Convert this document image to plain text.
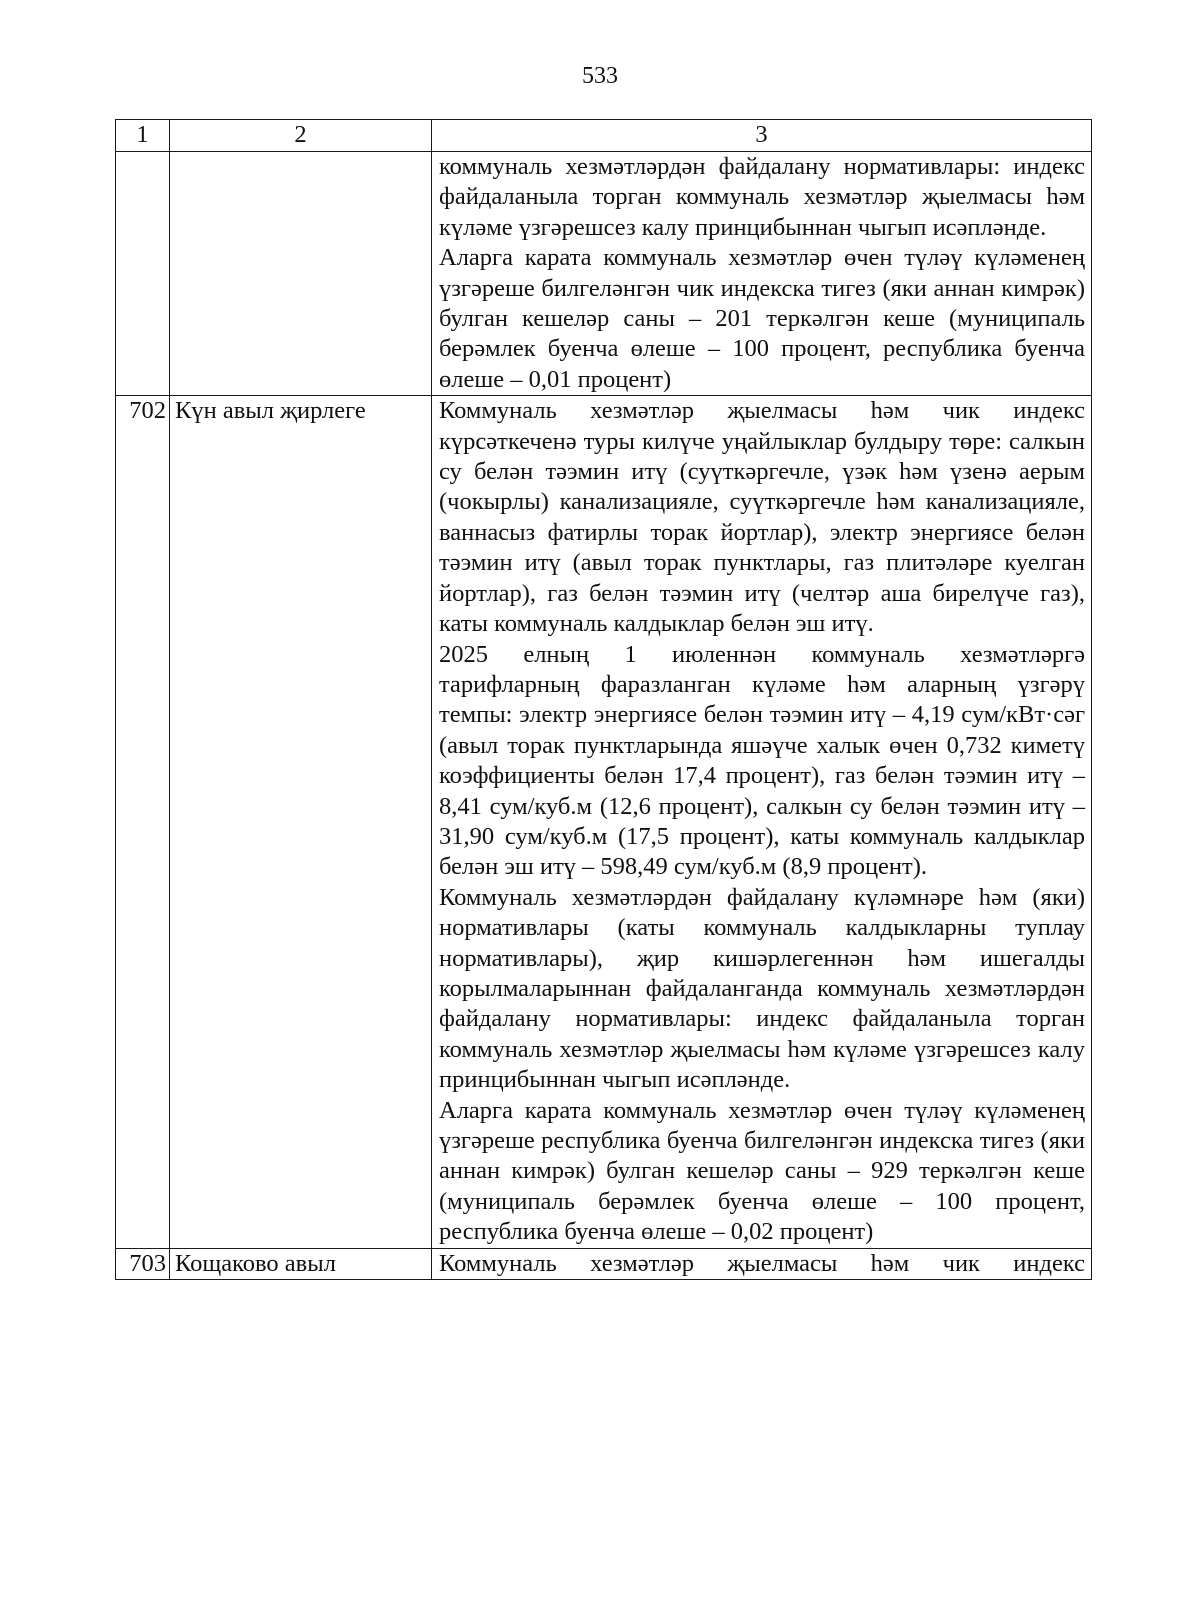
533
1	2	3

		коммуналь хезмәтләрдән файдалану нормативлары: индекс файдаланыла торган коммуналь хезмәтләр җыелмасы һәм күләме үзгәрешсез калу принцибыннан чыгып исәпләнде.

Аларга карата коммуналь хезмәтләр өчен түләү күләменең үзгәреше билгеләнгән чик индекска тигез (яки аннан кимрәк) булган кешеләр саны – 201 теркәлгән кеше (муниципаль берәмлек буенча өлеше – 100 процент, республика буенча өлеше – 0,01 процент)

702	Күн авыл җирлеге	Коммуналь хезмәтләр җыелмасы һәм чик индекс күрсәткеченә туры килүче уңайлыклар булдыру төре: салкын су белән тәэмин итү (суүткәргечле, үзәк һәм үзенә аерым (чокырлы) канализацияле, суүткәргечле һәм канализацияле, ваннасыз фатирлы торак йортлар), электр энергиясе белән тәэмин итү (авыл торак пунктлары, газ плитәләре куелган йортлар), газ белән тәэмин итү (челтәр аша бирелүче газ), каты коммуналь калдыклар белән эш итү.

2025 елның 1 июленнән коммуналь хезмәтләргә тарифларның фаразланган күләме һәм аларның үзгәрү темпы: электр энергиясе белән тәэмин итү – 4,19 сум/кВт·сәг (авыл торак пунктларында яшәүче халык өчен 0,732 киметү коэффициенты белән 17,4 процент), газ белән тәэмин итү – 8,41 сум/куб.м (12,6 процент), салкын су белән тәэмин итү – 31,90 сум/куб.м (17,5 процент), каты коммуналь калдыклар белән эш итү – 598,49 сум/куб.м (8,9 процент).

Коммуналь хезмәтләрдән файдалану күләмнәре һәм (яки) нормативлары (каты коммуналь калдыкларны туплау нормативлары), җир кишәрлегеннән һәм ишегалды корылмаларыннан файдаланганда коммуналь хезмәтләрдән файдалану нормативлары: индекс файдаланыла торган коммуналь хезмәтләр җыелмасы һәм күләме үзгәрешсез калу принцибыннан чыгып исәпләнде.

Аларга карата коммуналь хезмәтләр өчен түләү күләменең үзгәреше республика буенча билгеләнгән индекска тигез (яки аннан кимрәк) булган кешеләр саны – 929 теркәлгән кеше (муниципаль берәмлек буенча өлеше – 100 процент, республика буенча өлеше – 0,02 процент)

703	Кощаково авыл	Коммуналь хезмәтләр җыелмасы һәм чик индекс
